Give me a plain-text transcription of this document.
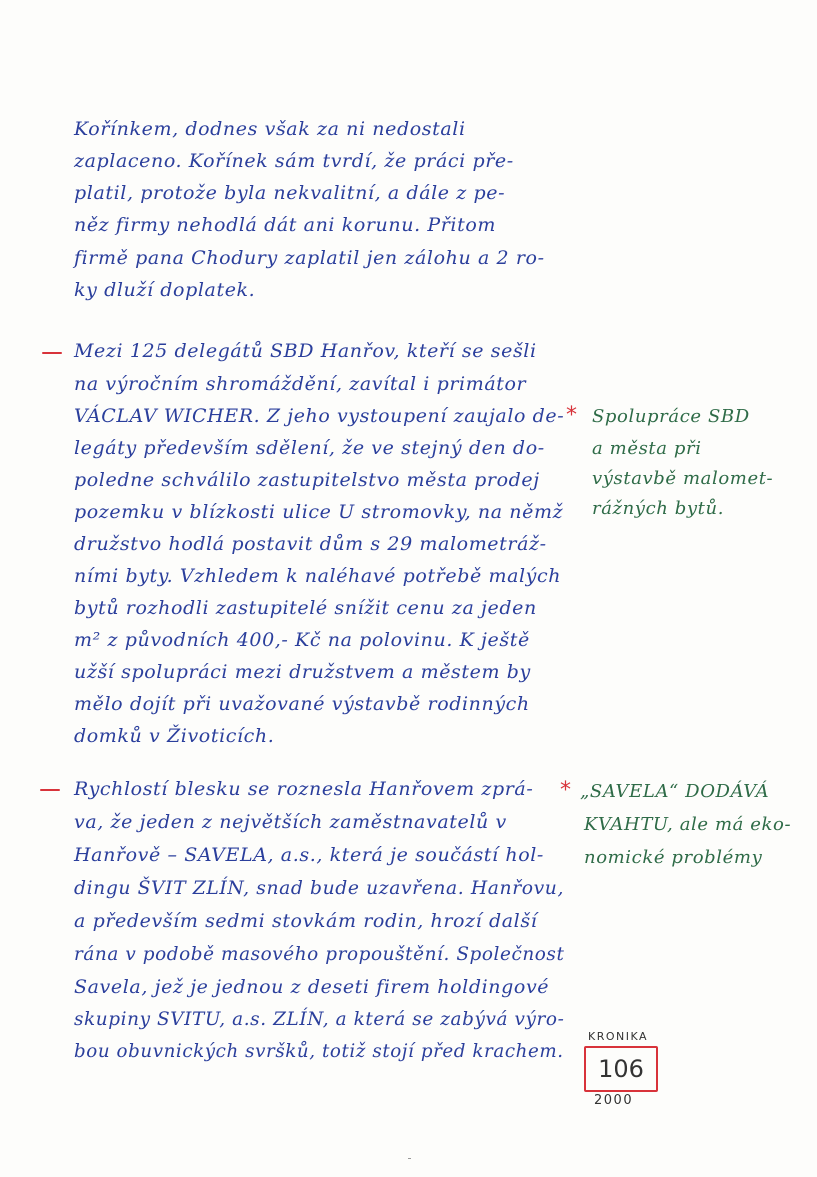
Kořínkem, dodnes však za ni nedostali
zaplaceno. Kořínek sám tvrdí, že práci pře-
platil, protože byla nekvalitní, a dále z pe-
něz firmy nehodlá dát ani korunu. Přitom
firmě pana Chodury zaplatil jen zálohu a 2 ro-
ky dluží doplatek.
Mezi 125 delegátů SBD Hanřov, kteří se sešli
na výročním shromáždění, zavítal i primátor
VÁCLAV WICHER. Z jeho vystoupení zaujalo de-
legáty především sdělení, že ve stejný den do-
poledne schválilo zastupitelstvo města prodej
pozemku v blízkosti ulice U stromovky, na němž
družstvo hodlá postavit dům s 29 malometráž-
ními byty. Vzhledem k naléhavé potřebě malých
bytů rozhodli zastupitelé snížit cenu za jeden
m² z původních 400,- Kč na polovinu. K ještě
užší spolupráci mezi družstvem a městem by
mělo dojít při uvažované výstavbě rodinných
domků v Životicích.
* Spolupráce SBD
a města při
výstavbě malomet-
rážných bytů.
Rychlostí blesku se roznesla Hanřovem zprá-
va, že jeden z největších zaměstnavatelů v
Hanřově – SAVELA, a.s., která je součástí hol-
dingu ŠVIT ZLÍN, snad bude uzavřena. Hanřovu,
a především sedmi stovkám rodin, hrozí další
rána v podobě masového propouštění. Společnost
Savela, jež je jednou z deseti firem holdingové
skupiny SVITU, a.s. ZLÍN, a která se zabývá výro-
bou obuvnických svršků, totiž stojí před krachem.
* „SAVELA“ DODÁVÁ
KVAHTU, ale má eko-
nomické problémy
KRONIKA
106
2000
